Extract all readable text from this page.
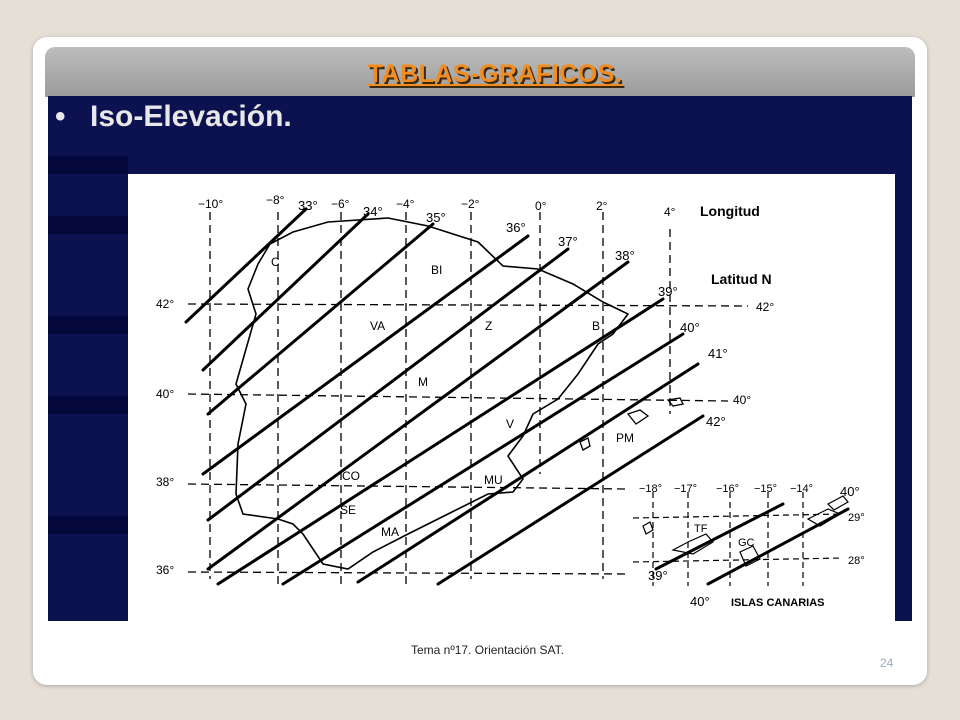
TABLAS-GRAFICOS.
• Iso-Elevación.
Longitud
Latitud N
−10°	−8°	−6°	−4°	−2°	0°	2°	4°
42°
40°
38°
36°
42°
40°
33°	34°	35°
36°
37°
38°
39°
40°
41°
42°
C
BI
VA	Z	B
M
V
PM
CO
SE
MU
MA
−18° −17° −16° −15° −14°
29°
28°
39°
40°
40°
TF
GC
ISLAS CANARIAS
Tema nº17. Orientación SAT.
24
